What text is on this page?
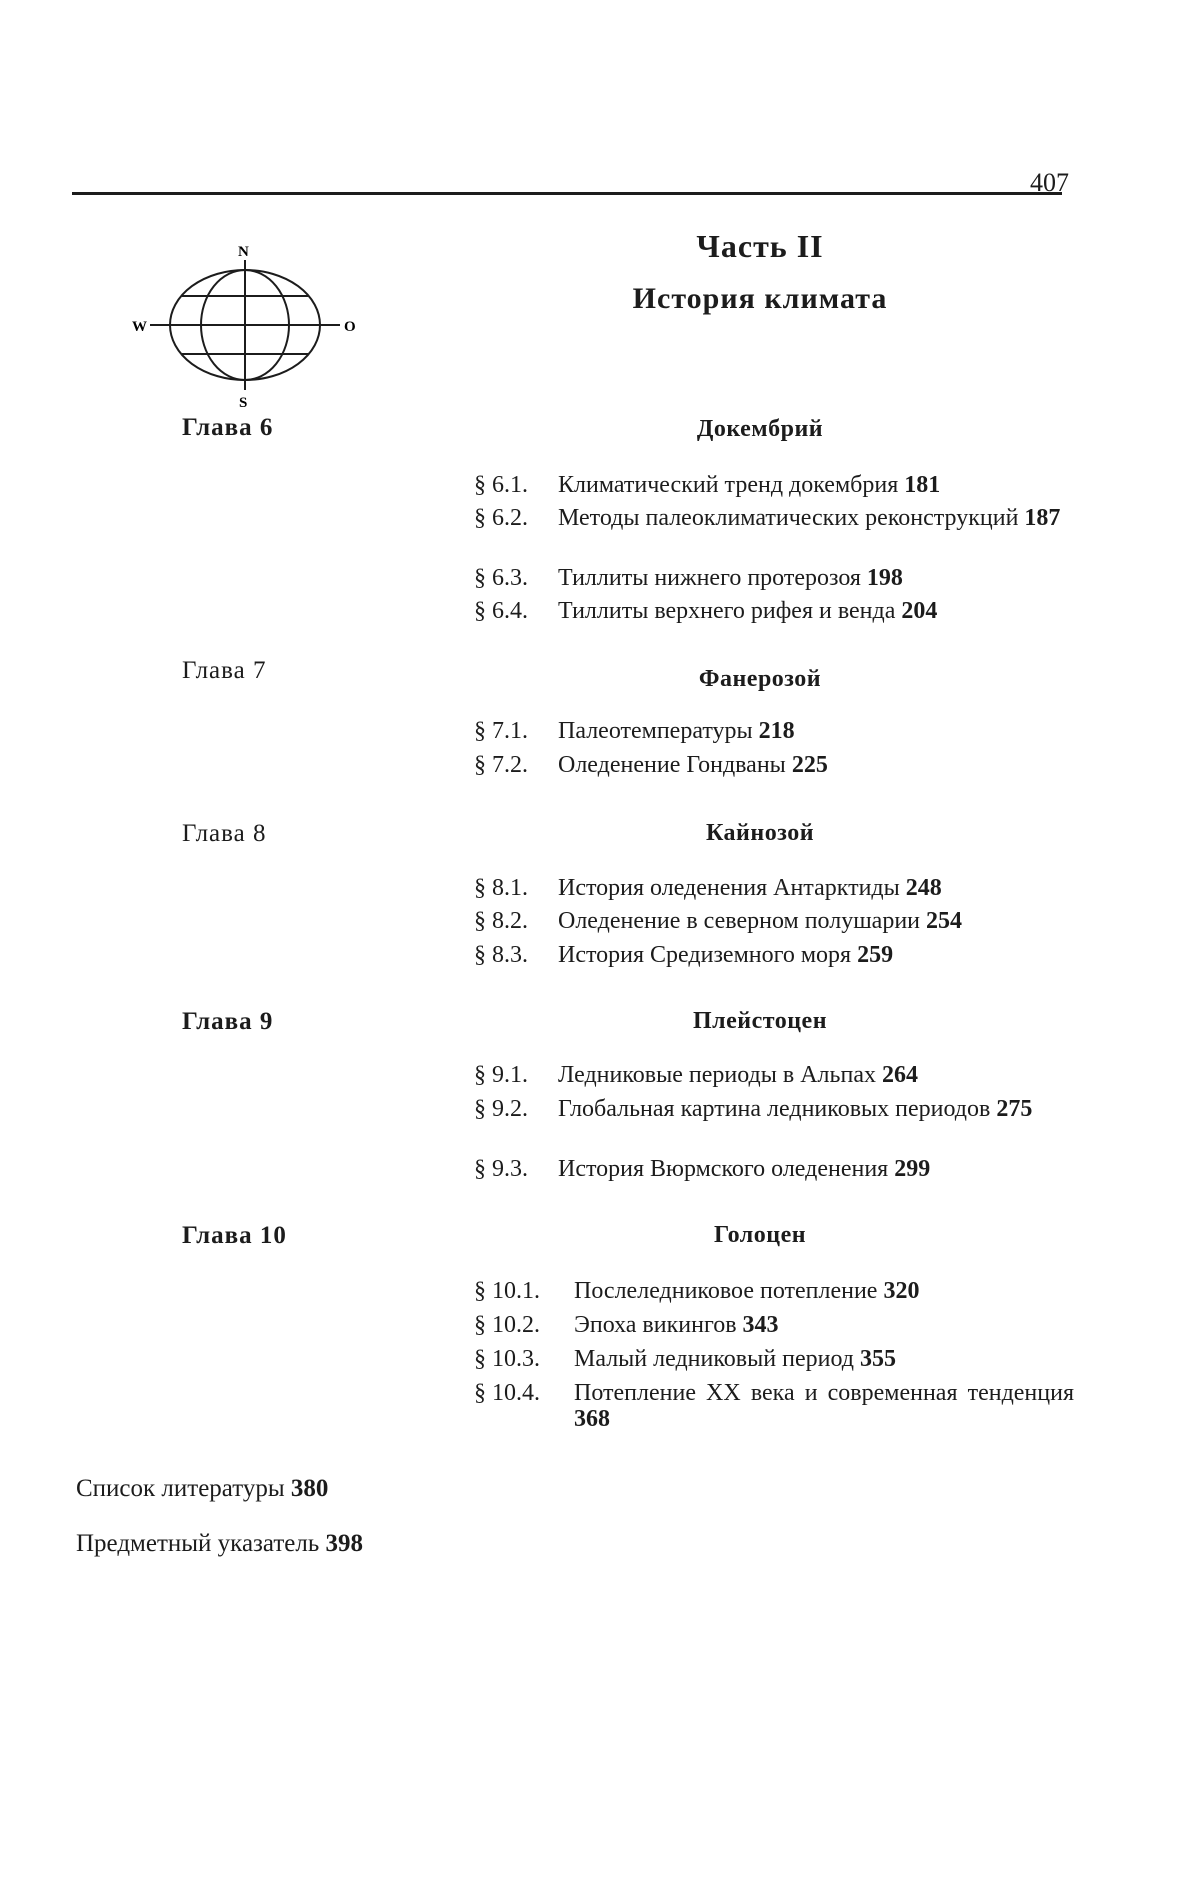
407
N
S
W	O
Часть II
История климата
Глава 6	Докембрий
§ 6.1.	Климатический тренд докембрия 181
§ 6.2.	Методы палеоклиматических реконструкций 187
§ 6.3.	Тиллиты нижнего протерозоя 198
§ 6.4.	Тиллиты верхнего рифея и венда 204
Глава 7	Фанерозой
§ 7.1.	Палеотемпературы 218
§ 7.2.	Оледенение Гондваны 225
Глава 8	Кайнозой
§ 8.1.	История оледенения Антарктиды 248
§ 8.2.	Оледенение в северном полушарии 254
§ 8.3.	История Средиземного моря 259
Глава 9	Плейстоцен
§ 9.1.	Ледниковые периоды в Альпах 264
§ 9.2.	Глобальная картина ледниковых периодов 275
§ 9.3.	История Вюрмского оледенения 299
Глава 10	Голоцен
§ 10.1.	Послеледниковое потепление 320
§ 10.2.	Эпоха викингов 343
§ 10.3.	Малый ледниковый период 355
§ 10.4.	Потепление XX века и современная тенденция 368
Список литературы 380
Предметный указатель 398
